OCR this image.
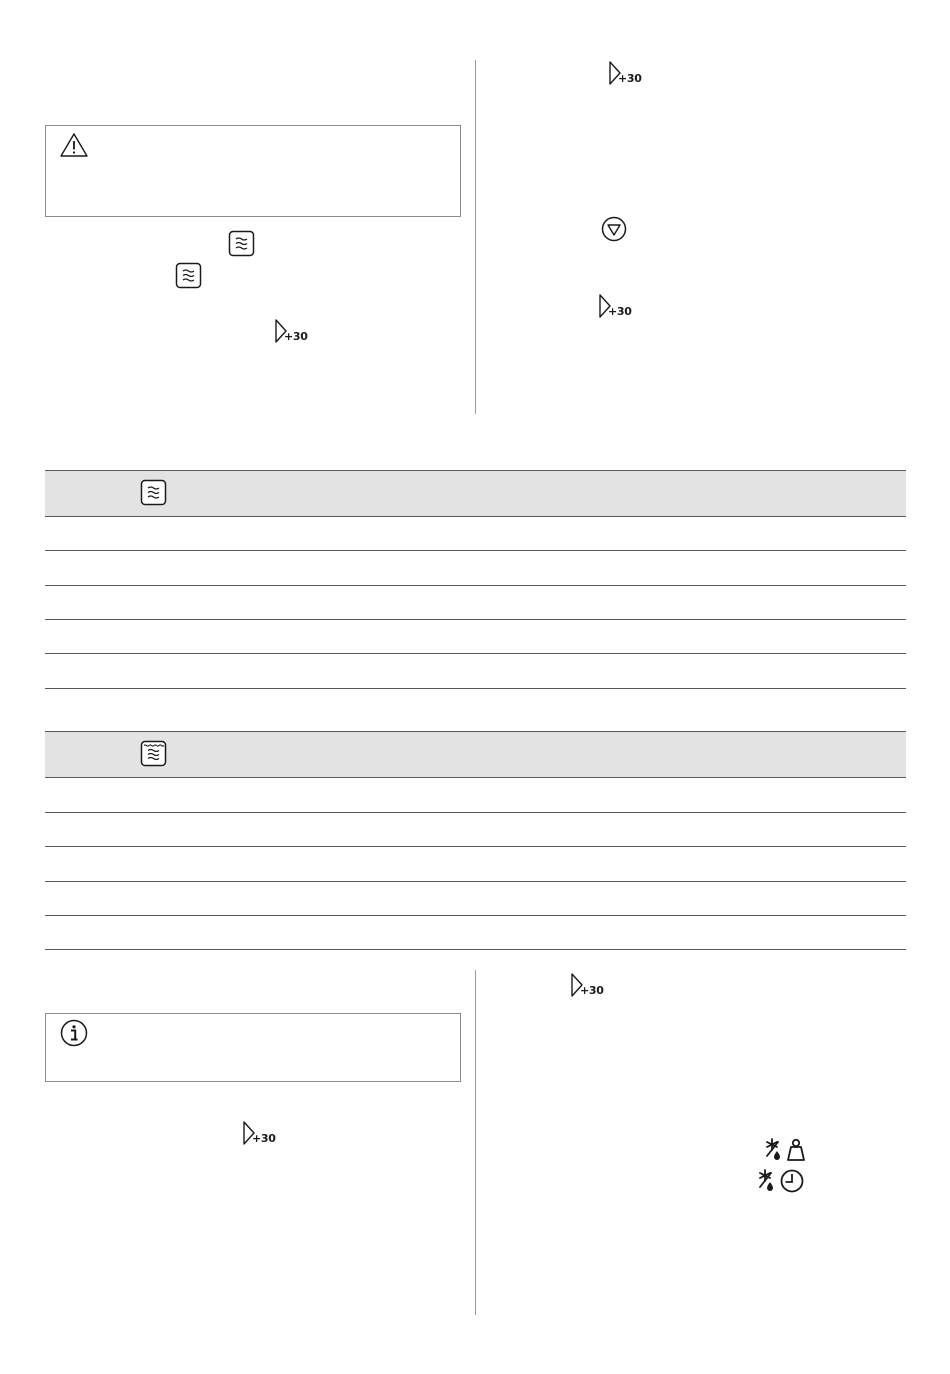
+30
+30
+30
+30
+30
